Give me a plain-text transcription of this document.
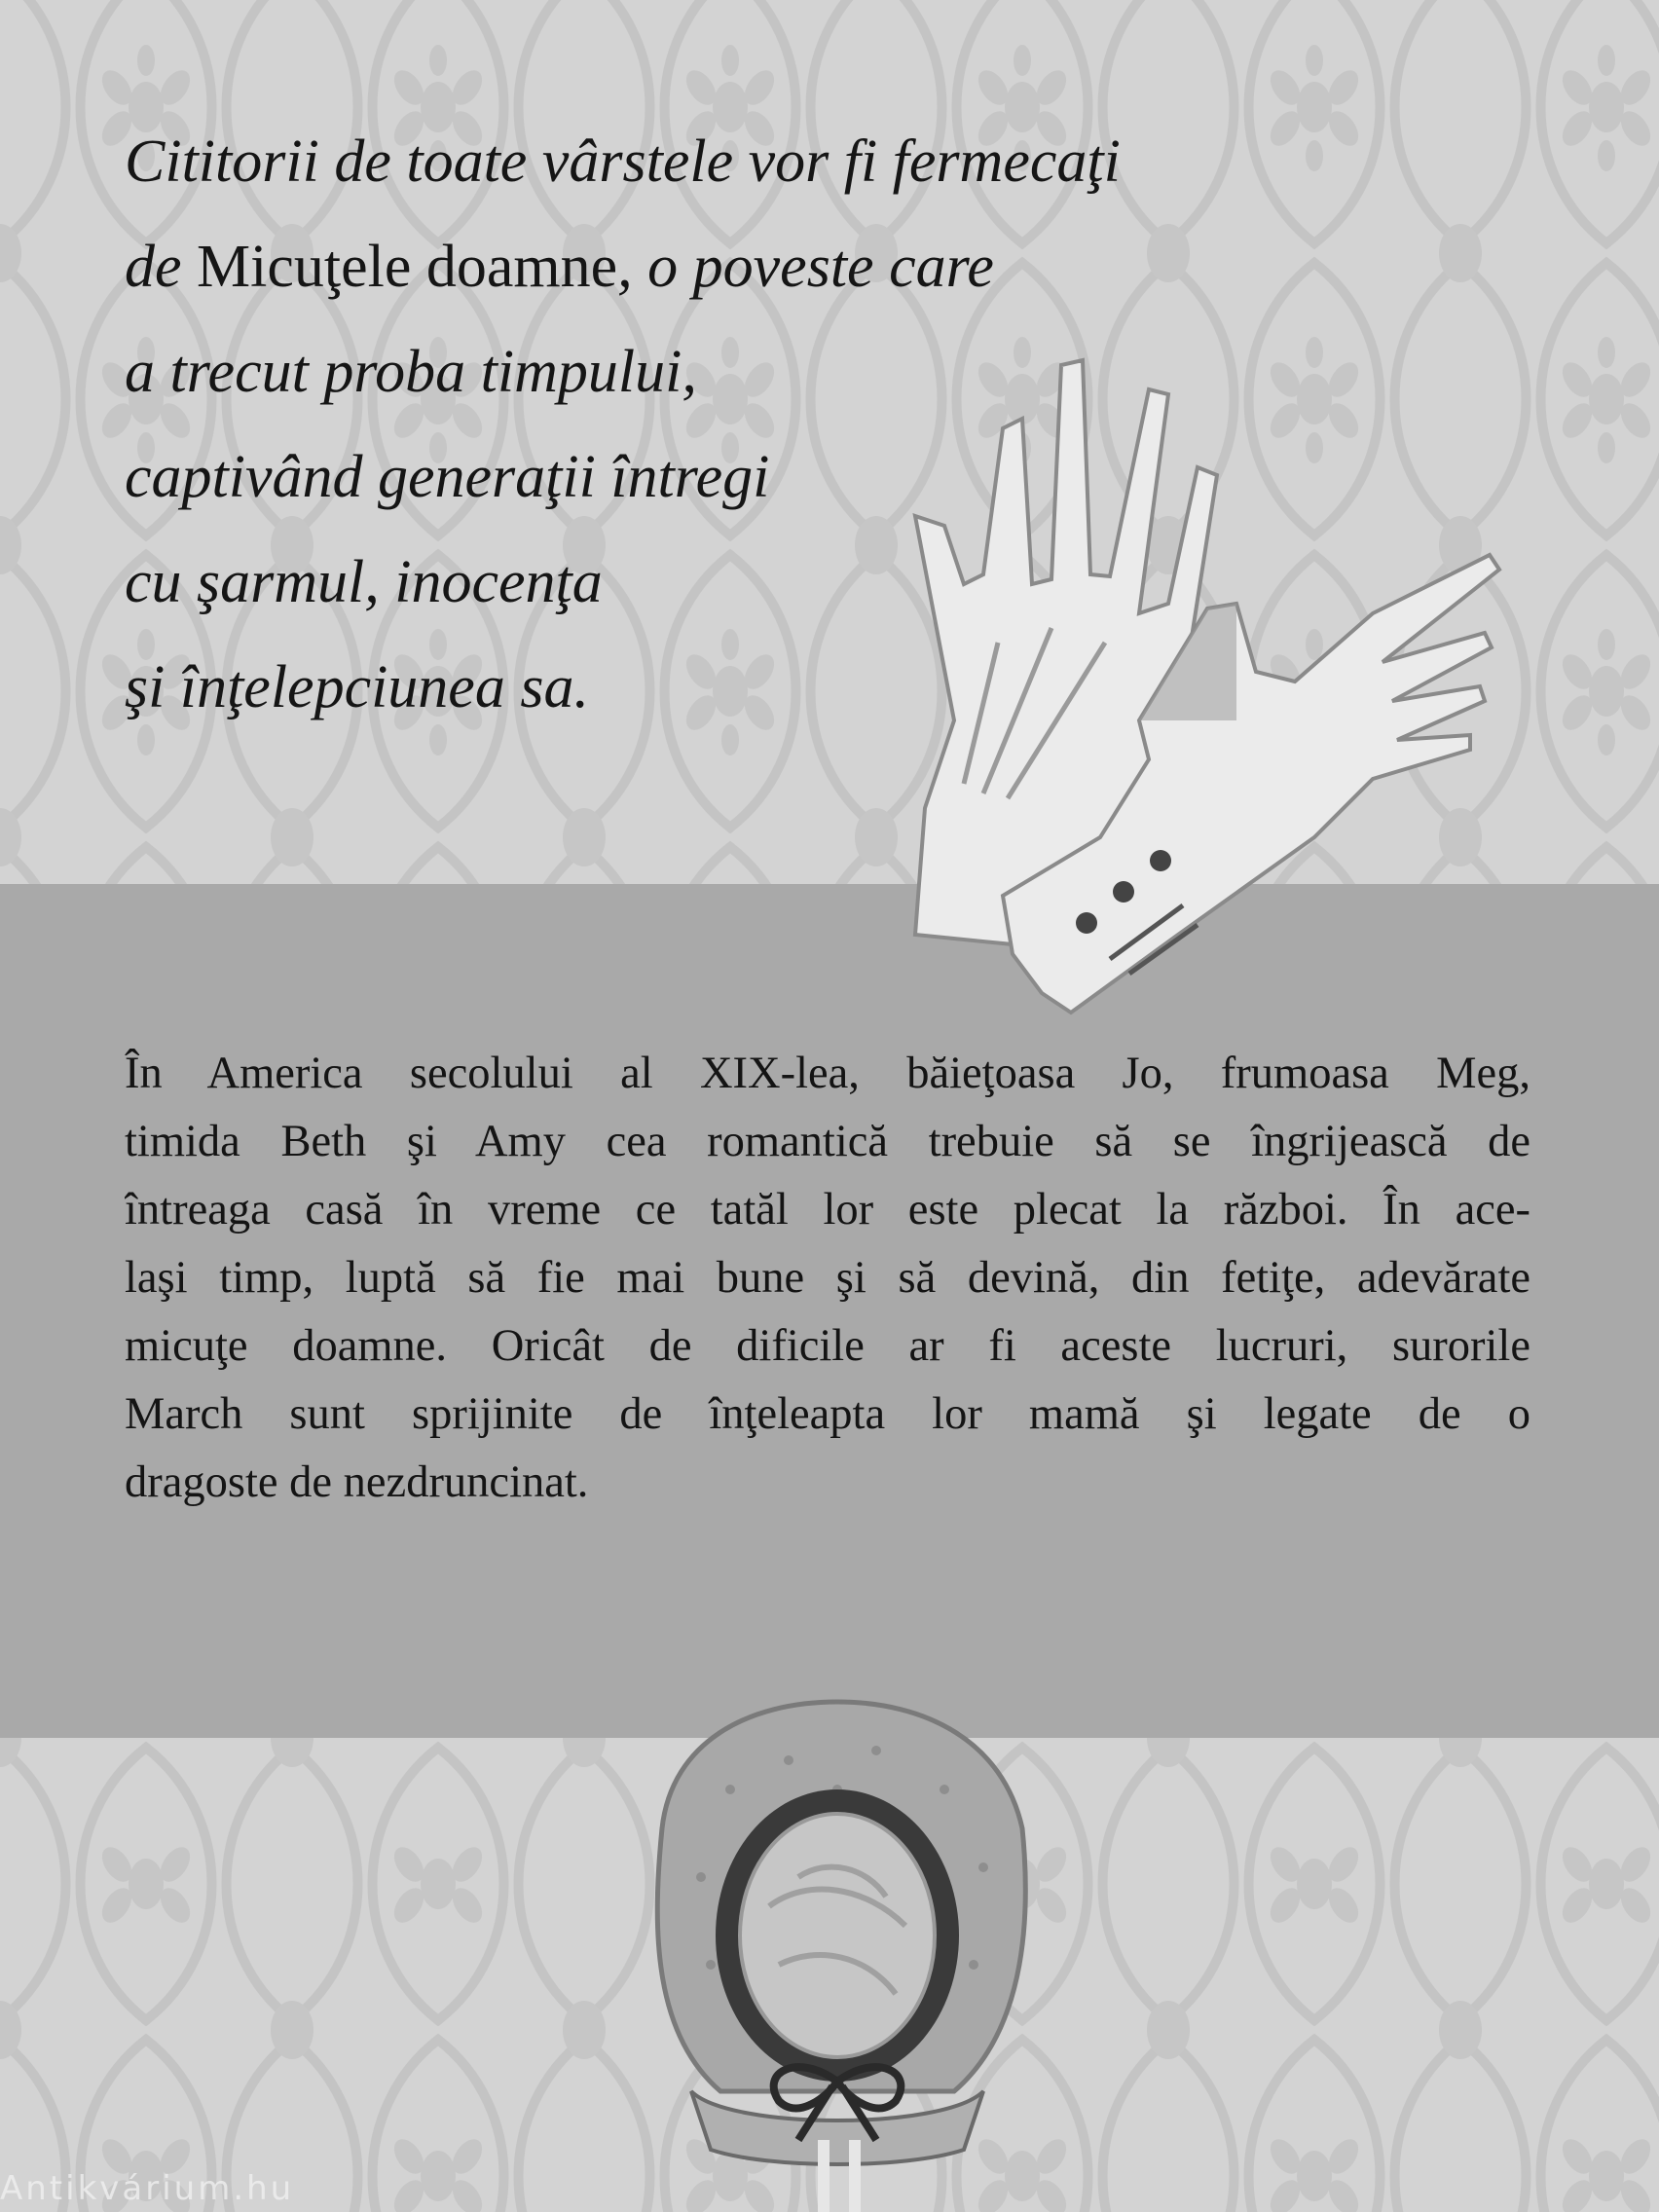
Cititorii de toate vârstele vor fi fermecaţi
de Micuţele doamne, o poveste care
a trecut proba timpului,
captivând generaţii întregi
cu şarmul, inocenţa
şi înţelepciunea sa.

În America secolului al XIX-lea, băieţoasa Jo, frumoasa Meg,
timida Beth şi Amy cea romantică trebuie să se îngrijească de
întreaga casă în vreme ce tatăl lor este plecat la război. În ace-
laşi timp, luptă să fie mai bune şi să devină, din fetiţe, adevărate
micuţe doamne. Oricât de dificile ar fi aceste lucruri, surorile
March sunt sprijinite de înţeleapta lor mamă şi legate de o
dragoste de nezdruncinat.
Antikvárium.hu
